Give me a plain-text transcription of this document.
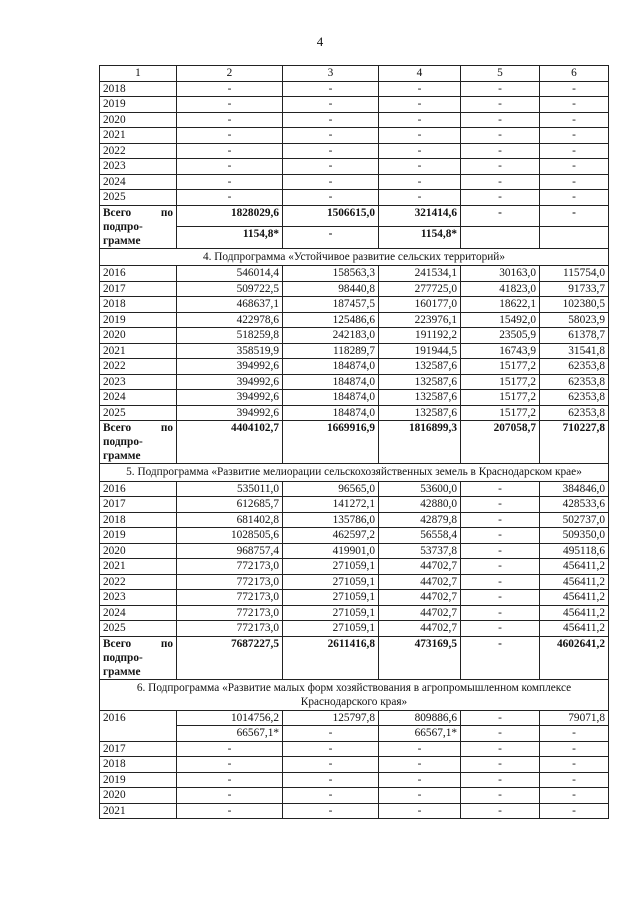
4
1	2	3	4	5	6
2018	-	-	-	-	-
2019	-	-	-	-	-
2020	-	-	-	-	-
2021	-	-	-	-	-
2022	-	-	-	-	-
2023	-	-	-	-	-
2024	-	-	-	-	-
2025	-	-	-	-	-
Всего по подпро-грамме	1828029,6	1506615,0	321414,6	-	-
	1154,8*	-	1154,8*		
4. Подпрограмма «Устойчивое развитие сельских территорий»					
2016	546014,4	158563,3	241534,1	30163,0	115754,0
2017	509722,5	98440,8	277725,0	41823,0	91733,7
2018	468637,1	187457,5	160177,0	18622,1	102380,5
2019	422978,6	125486,6	223976,1	15492,0	58023,9
2020	518259,8	242183,0	191192,2	23505,9	61378,7
2021	358519,9	118289,7	191944,5	16743,9	31541,8
2022	394992,6	184874,0	132587,6	15177,2	62353,8
2023	394992,6	184874,0	132587,6	15177,2	62353,8
2024	394992,6	184874,0	132587,6	15177,2	62353,8
2025	394992,6	184874,0	132587,6	15177,2	62353,8
Всего по подпро-грамме	4404102,7	1669916,9	1816899,3	207058,7	710227,8
5. Подпрограмма «Развитие мелиорации сельскохозяйственных земель в Краснодарском крае»					
2016	535011,0	96565,0	53600,0	-	384846,0
2017	612685,7	141272,1	42880,0	-	428533,6
2018	681402,8	135786,0	42879,8	-	502737,0
2019	1028505,6	462597,2	56558,4	-	509350,0
2020	968757,4	419901,0	53737,8	-	495118,6
2021	772173,0	271059,1	44702,7	-	456411,2
2022	772173,0	271059,1	44702,7	-	456411,2
2023	772173,0	271059,1	44702,7	-	456411,2
2024	772173,0	271059,1	44702,7	-	456411,2
2025	772173,0	271059,1	44702,7	-	456411,2
Всего по подпро-грамме	7687227,5	2611416,8	473169,5	-	4602641,2
6. Подпрограмма «Развитие малых форм хозяйствования в агропромышленном комплексе Краснодарского края»					
2016	1014756,2	125797,8	809886,6	-	79071,8
	66567,1*	-	66567,1*	-	-
2017	-	-	-	-	-
2018	-	-	-	-	-
2019	-	-	-	-	-
2020	-	-	-	-	-
2021	-	-	-	-	-
